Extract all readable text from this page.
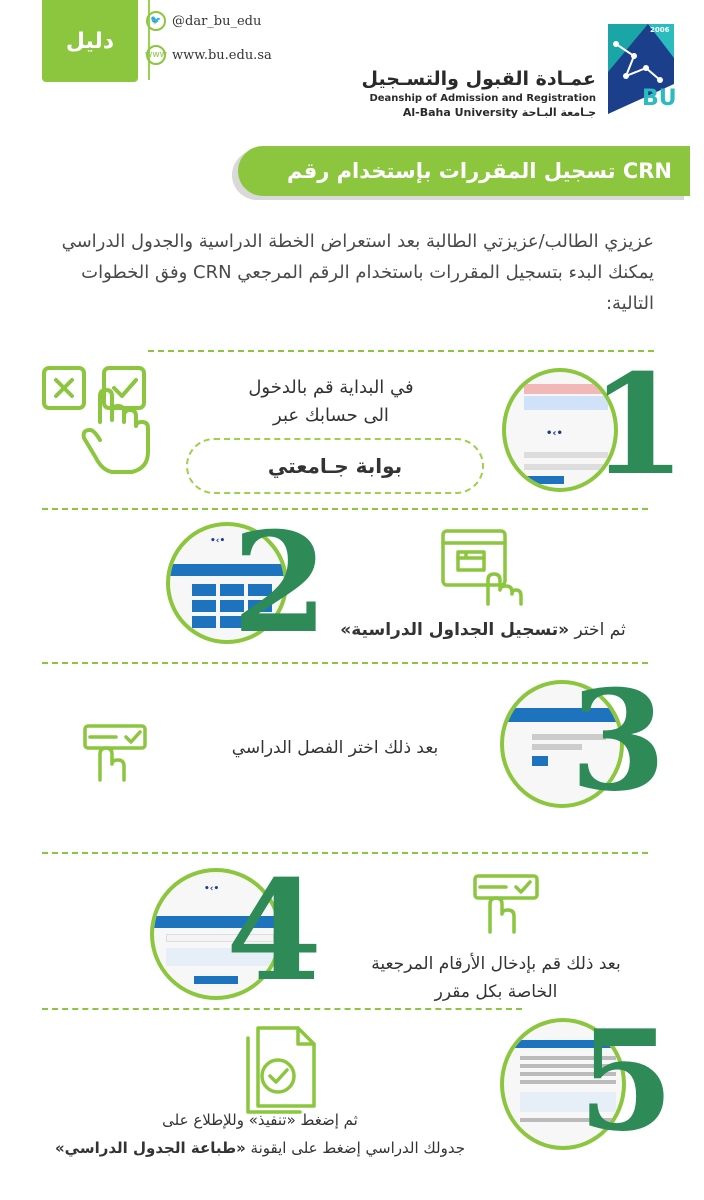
دليل
🐦 @dar_bu_edu
www www.bu.edu.sa
عمـادة القبول والتسـجيل
Deanship of Admission and Registration
Al-Baha University جـامعة البـاحة
2006
BU
تسجيل المقررات بإستخدام رقم CRN
عزيزي الطالب/عزيزتي الطالبة بعد استعراض الخطة الدراسية والجدول الدراسي يمكنك البدء بتسجيل المقررات باستخدام الرقم المرجعي CRN وفق الخطوات التالية:
في البداية قم بالدخول
الى حسابك عبر
بوابة جـامعتي
•‹• 1
•‹• 2	ثم اختر «تسجيل الجداول الدراسية»
بعد ذلك اختر الفصل الدراسي 3
•‹• 4	بعد ذلك قم بإدخال الأرقام المرجعية
الخاصة بكل مقرر
ثم إضغط «تنفيذ» وللإطلاع على
جدولك الدراسي إضغط على ايقونة «طباعة الجدول الدراسي»	5
